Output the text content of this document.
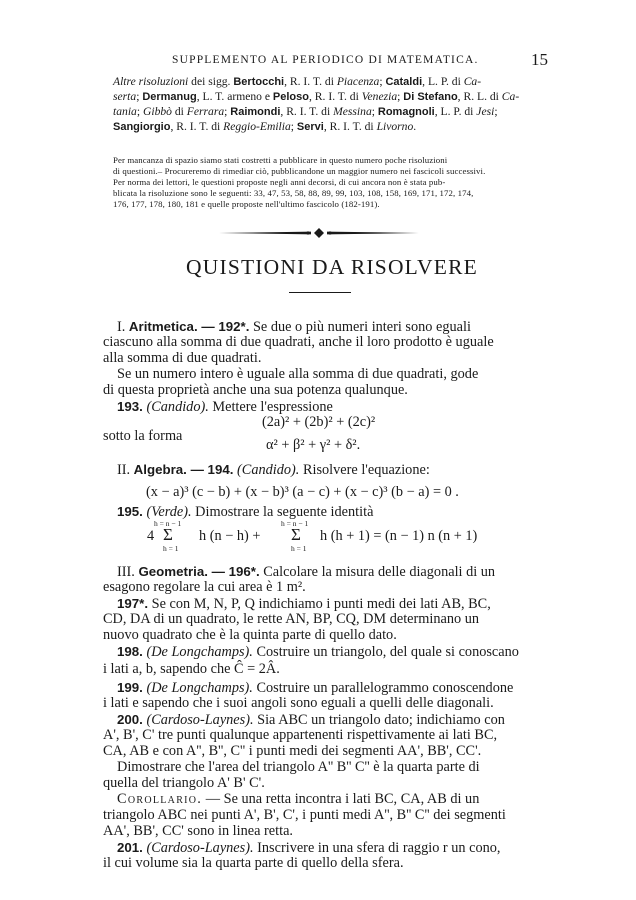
SUPPLEMENTO AL PERIODICO DI MATEMATICA.	15
Altre risoluzioni dei sigg. Bertocchi, R. I. T. di Piacenza; Cataldi, L. P. di Ca-
serta; Dermanug, L. T. armeno e Peloso, R. I. T. di Venezia; Di Stefano, R. L. di Ca-
tania; Gibbò di Ferrara; Raimondi, R. I. T. di Messina; Romagnoli, L. P. di Jesi;
Sangiorgio, R. I. T. di Reggio-Emilia; Servi, R. I. T. di Livorno.
Per mancanza di spazio siamo stati costretti a pubblicare in questo numero poche risoluzioni
di questioni.– Procureremo di rimediar ciò, pubblicandone un maggior numero nei fascicoli successivi.
Per norma dei lettori, le questioni proposte negli anni decorsi, di cui ancora non è stata pub-
blicata la risoluzione sono le seguenti: 33, 47, 53, 58, 88, 89, 99, 103, 108, 158, 169, 171, 172, 174,
176, 177, 178, 180, 181 e quelle proposte nell'ultimo fascicolo (182-191).
QUISTIONI DA RISOLVERE
I. Aritmetica. — 192*. Se due o più numeri interi sono eguali
ciascuno alla somma di due quadrati, anche il loro prodotto è uguale
alla somma di due quadrati.
Se un numero intero è uguale alla somma di due quadrati, gode
di questa proprietà anche una sua potenza qualunque.
193. (Candido). Mettere l'espressione
(2a)² + (2b)² + (2c)²
sotto la forma
α² + β² + γ² + δ².
II. Algebra. — 194. (Candido). Risolvere l'equazione:
(x − a)³ (c − b) + (x − b)³ (a − c) + (x − c)³ (b − a) = 0 .
195. (Verde). Dimostrare la seguente identità
4
h = n − 1
Σ
h = 1
h (n − h) +
h = n − 1
Σ
h = 1
h (h + 1) = (n − 1) n (n + 1)
III. Geometria. — 196*. Calcolare la misura delle diagonali di un
esagono regolare la cui area è 1 m².
197*. Se con M, N, P, Q indichiamo i punti medi dei lati AB, BC,
CD, DA di un quadrato, le rette AN, BP, CQ, DM determinano un
nuovo quadrato che è la quinta parte di quello dato.
198. (De Longchamps). Costruire un triangolo, del quale si conoscano
i lati a, b, sapendo che Ĉ = 2Â.
199. (De Longchamps). Costruire un parallelogrammo conoscendone
i lati e sapendo che i suoi angoli sono eguali a quelli delle diagonali.
200. (Cardoso-Laynes). Sia ABC un triangolo dato; indichiamo con
A', B', C' tre punti qualunque appartenenti rispettivamente ai lati BC,
CA, AB e con A'', B'', C'' i punti medi dei segmenti AA', BB', CC'.
Dimostrare che l'area del triangolo A'' B'' C'' è la quarta parte di
quella del triangolo A' B' C'.
Corollario. — Se una retta incontra i lati BC, CA, AB di un
triangolo ABC nei punti A', B', C', i punti medi A'', B'' C'' dei segmenti
AA', BB', CC' sono in linea retta.
201. (Cardoso-Laynes). Inscrivere in una sfera di raggio r un cono,
il cui volume sia la quarta parte di quello della sfera.
